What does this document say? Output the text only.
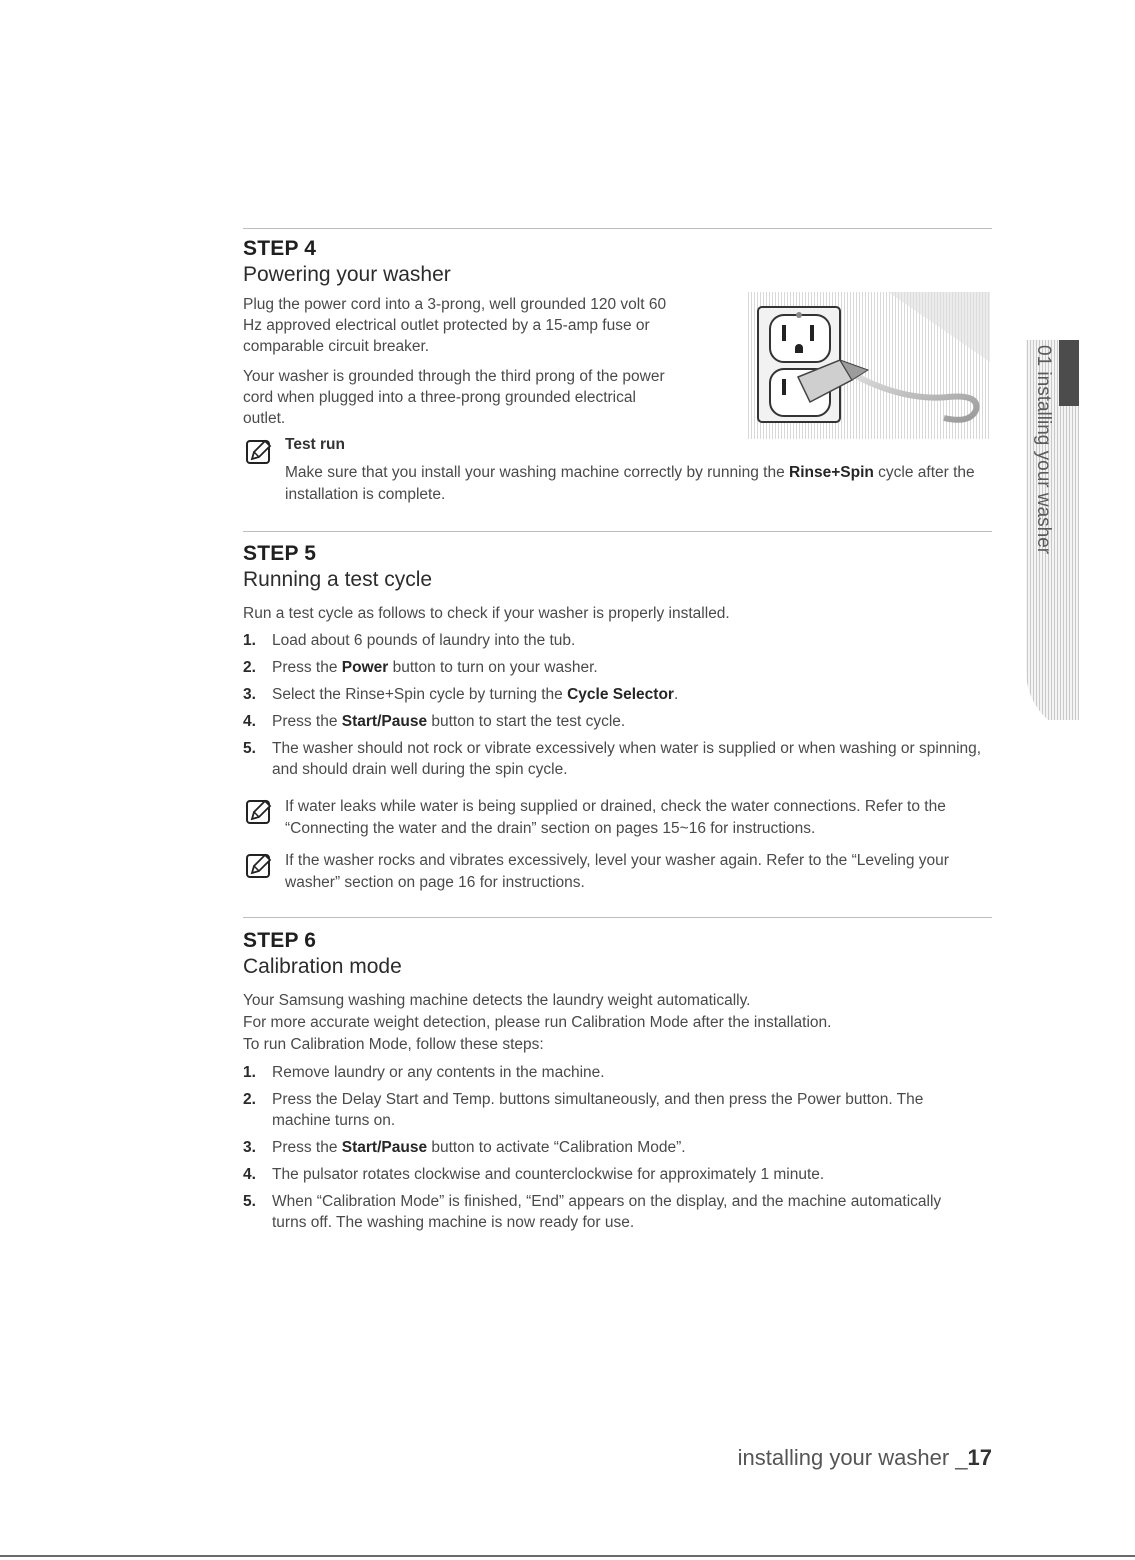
01 installing your washer
STEP 4
Powering your washer
Plug the power cord into a 3-prong, well grounded 120 volt 60
Hz approved electrical outlet protected by a 15-amp fuse or
comparable circuit breaker.
Your washer is grounded through the third prong of the power
cord when plugged into a three-prong grounded electrical
outlet.
Test run
Make sure that you install your washing machine correctly by running the Rinse+Spin cycle after the installation is complete.
STEP 5
Running a test cycle
Run a test cycle as follows to check if your washer is properly installed.
1. Load about 6 pounds of laundry into the tub.
2. Press the Power button to turn on your washer.
3. Select the Rinse+Spin cycle by turning the Cycle Selector.
4. Press the Start/Pause button to start the test cycle.
5. The washer should not rock or vibrate excessively when water is supplied or when washing or spinning, and should drain well during the spin cycle.
If water leaks while water is being supplied or drained, check the water connections. Refer to the “Connecting the water and the drain” section on pages 15~16 for instructions.
If the washer rocks and vibrates excessively, level your washer again. Refer to the “Leveling your washer” section on page 16 for instructions.
STEP 6
Calibration mode
Your Samsung washing machine detects the laundry weight automatically.
For more accurate weight detection, please run Calibration Mode after the installation.
To run Calibration Mode, follow these steps:
1. Remove laundry or any contents in the machine.
2. Press the Delay Start and Temp. buttons simultaneously, and then press the Power button. The machine turns on.
3. Press the Start/Pause button to activate “Calibration Mode”.
4. The pulsator rotates clockwise and counterclockwise for approximately 1 minute.
5. When “Calibration Mode” is finished, “End” appears on the display, and the machine automatically turns off. The washing machine is now ready for use.
installing your washer _17
